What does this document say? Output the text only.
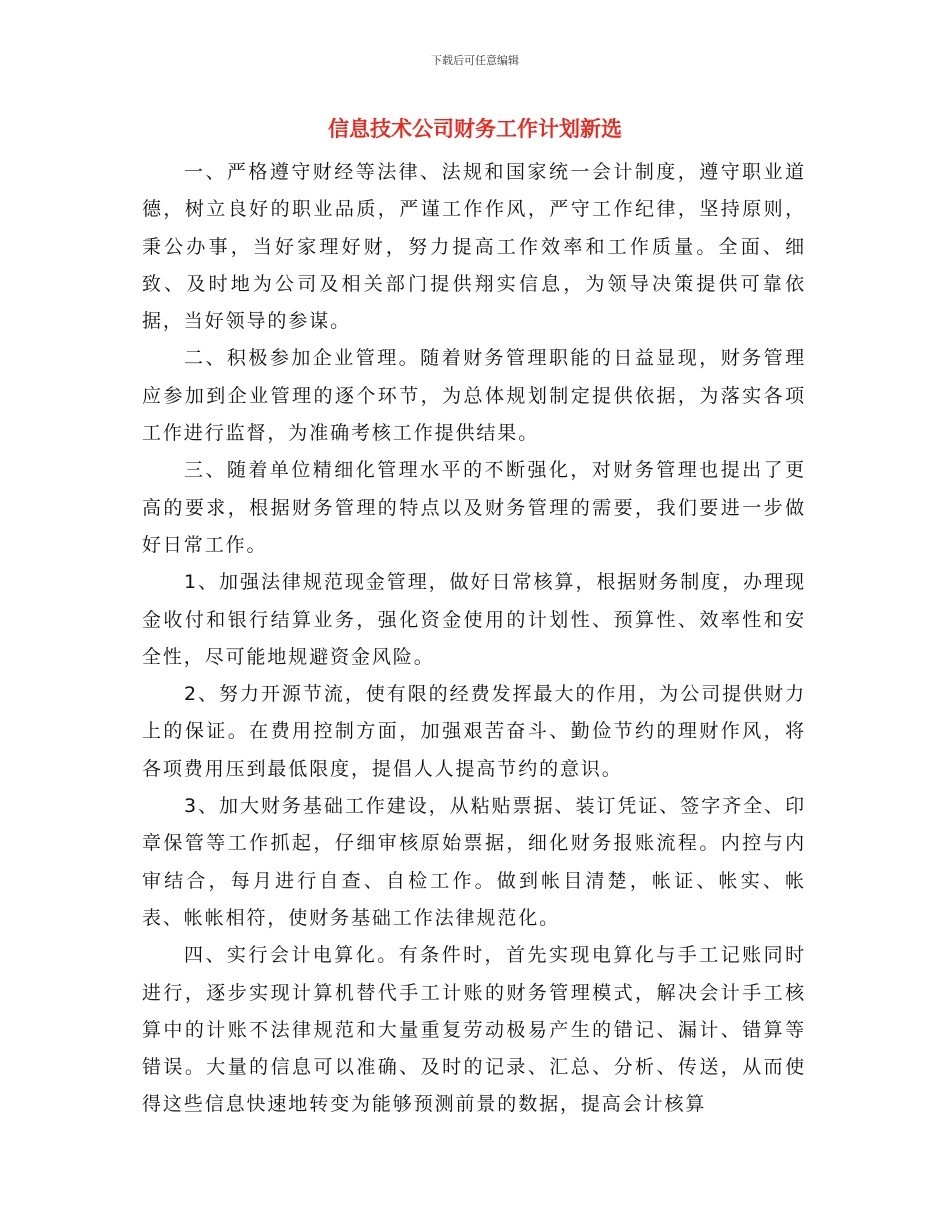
下载后可任意编辑
信息技术公司财务工作计划新选

一、严格遵守财经等法律、法规和国家统一会计制度，遵守职业道德，树立良好的职业品质，严谨工作作风，严守工作纪律，坚持原则，秉公办事，当好家理好财，努力提高工作效率和工作质量。全面、细致、及时地为公司及相关部门提供翔实信息，为领导决策提供可靠依据，当好领导的参谋。

二、积极参加企业管理。随着财务管理职能的日益显现，财务管理应参加到企业管理的逐个环节，为总体规划制定提供依据，为落实各项工作进行监督，为准确考核工作提供结果。

三、随着单位精细化管理水平的不断强化，对财务管理也提出了更高的要求，根据财务管理的特点以及财务管理的需要，我们要进一步做好日常工作。

1、加强法律规范现金管理，做好日常核算，根据财务制度，办理现金收付和银行结算业务，强化资金使用的计划性、预算性、效率性和安全性，尽可能地规避资金风险。

2、努力开源节流，使有限的经费发挥最大的作用，为公司提供财力上的保证。在费用控制方面，加强艰苦奋斗、勤俭节约的理财作风，将各项费用压到最低限度，提倡人人提高节约的意识。

3、加大财务基础工作建设，从粘贴票据、装订凭证、签字齐全、印章保管等工作抓起，仔细审核原始票据，细化财务报账流程。内控与内审结合，每月进行自查、自检工作。做到帐目清楚，帐证、帐实、帐表、帐帐相符，使财务基础工作法律规范化。

四、实行会计电算化。有条件时，首先实现电算化与手工记账同时进行，逐步实现计算机替代手工计账的财务管理模式，解决会计手工核算中的计账不法律规范和大量重复劳动极易产生的错记、漏计、错算等错误。大量的信息可以准确、及时的记录、汇总、分析、传送，从而使得这些信息快速地转变为能够预测前景的数据，提高会计核算
